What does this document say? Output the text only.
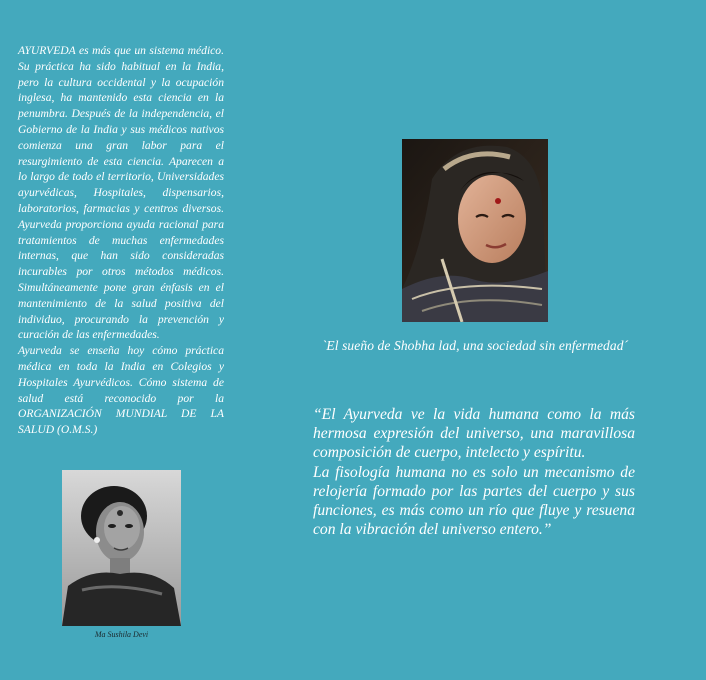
AYURVEDA es más que un sistema médico. Su práctica ha sido habitual en la India, pero la cultura occidental y la ocupación inglesa, ha mantenido esta ciencia en la penumbra. Después de la independencia, el Gobierno de la India y sus médicos nativos comienza una gran labor para el resurgimiento de esta ciencia. Aparecen a lo largo de todo el territorio, Universidades ayurvédicas, Hospitales, dispensarios, laboratorios, farmacias y centros diversos. Ayurveda proporciona ayuda racional para tratamientos de muchas enfermedades internas, que han sido consideradas incurables por otros métodos médicos. Simultáneamente pone gran énfasis en el mantenimiento de la salud positiva del individuo, procurando la prevención y curación de las enfermedades.

Ayurveda se enseña hoy cómo práctica médica en toda la India en Colegios y Hospitales Ayurvédicos. Cómo sistema de salud está reconocido por la ORGANIZACIÓN MUNDIAL DE LA SALUD (O.M.S.)

Ma Sushila Devi
`El sueño de Shobha lad, una sociedad sin enfermedad´

“El Ayurveda ve la vida humana como la más hermosa expresión del universo, una maravillosa composición de cuerpo, intelecto y espíritu.

La fisología humana no es solo un mecanismo de relojería formado por las partes del cuerpo y sus funciones, es más como un río que fluye y resuena con la vibración del universo entero.”
